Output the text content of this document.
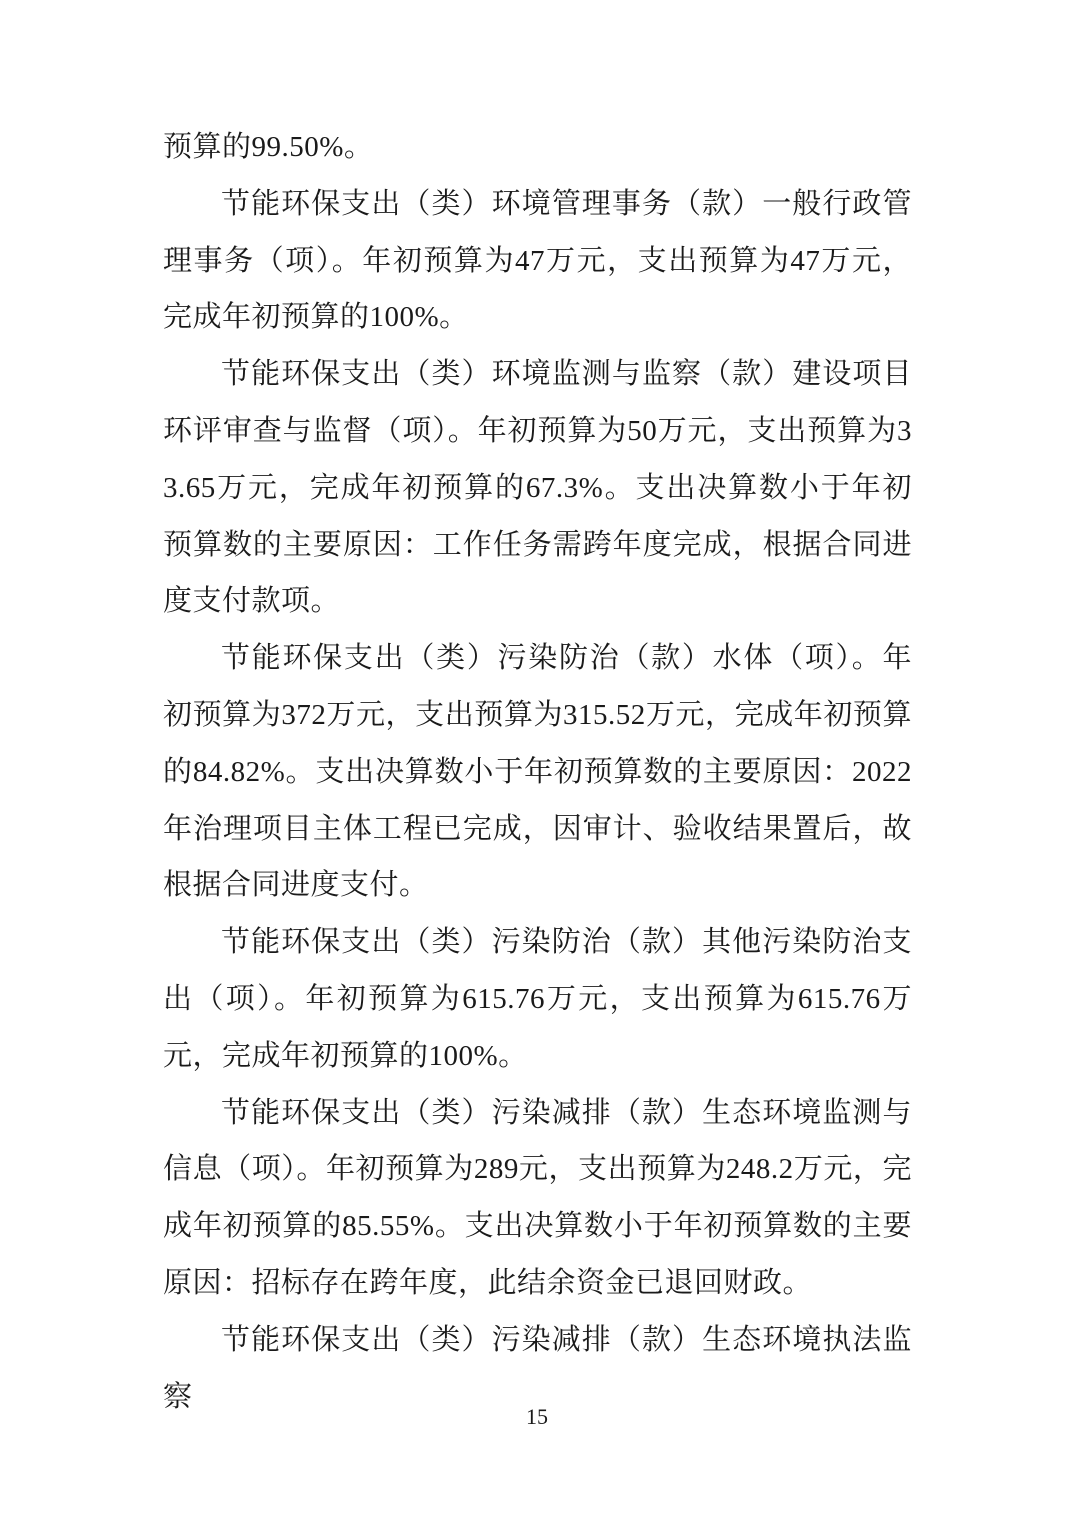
预算的99.50%。

节能环保支出（类）环境管理事务（款）一般行政管理事务（项）。年初预算为47万元，支出预算为47万元，完成年初预算的100%。

节能环保支出（类）环境监测与监察（款）建设项目环评审查与监督（项）。年初预算为50万元，支出预算为33.65万元，完成年初预算的67.3%。支出决算数小于年初预算数的主要原因：工作任务需跨年度完成，根据合同进度支付款项。

节能环保支出（类）污染防治（款）水体（项）。年初预算为372万元，支出预算为315.52万元，完成年初预算的84.82%。支出决算数小于年初预算数的主要原因：2022年治理项目主体工程已完成，因审计、验收结果置后，故根据合同进度支付。

节能环保支出（类）污染防治（款）其他污染防治支出（项）。年初预算为615.76万元，支出预算为615.76万元，完成年初预算的100%。

节能环保支出（类）污染减排（款）生态环境监测与信息（项）。年初预算为289元，支出预算为248.2万元，完成年初预算的85.55%。支出决算数小于年初预算数的主要原因：招标存在跨年度，此结余资金已退回财政。

节能环保支出（类）污染减排（款）生态环境执法监察

15
